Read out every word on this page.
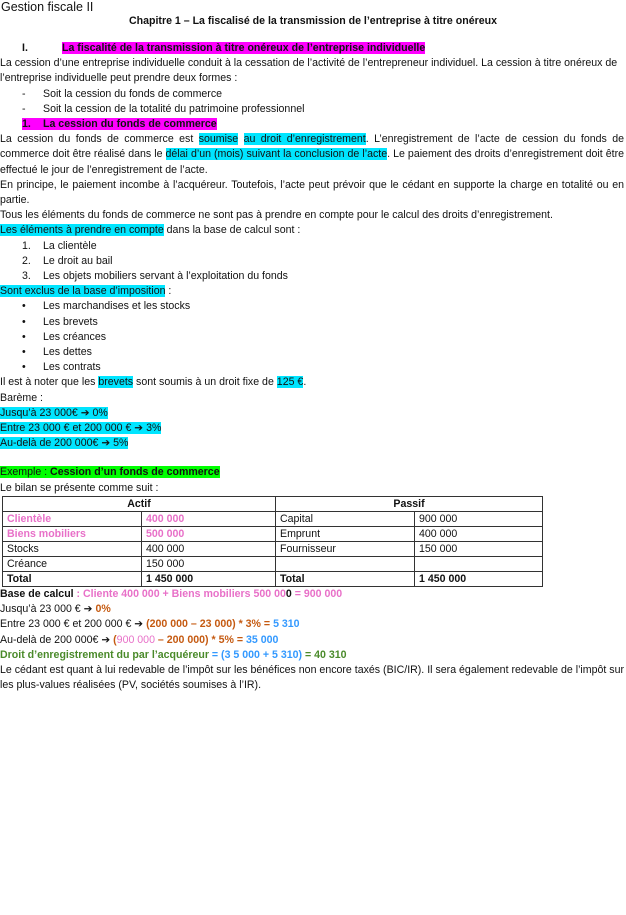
Gestion fiscale II
Chapitre 1 – La fiscalisé de la transmission de l’entreprise à titre onéreux

I.	La fiscalité de la transmission à titre onéreux de l’entreprise individuelle

La cession d’une entreprise individuelle conduit à la cessation de l’activité de l’entrepreneur individuel. La cession à titre onéreux de l’entreprise individuelle peut prendre deux formes :

- Soit la cession du fonds de commerce
- Soit la cession de la totalité du patrimoine professionnel

1. La cession du fonds de commerce

La cession du fonds de commerce est soumise au droit d’enregistrement. L’enregistrement de l’acte de cession du fonds de commerce doit être réalisé dans le délai d’un (mois) suivant la conclusion de l’acte. Le paiement des droits d’enregistrement doit être effectué le jour de l’enregistrement de l’acte.

En principe, le paiement incombe à l’acquéreur. Toutefois, l’acte peut prévoir que le cédant en supporte la charge en totalité ou en partie.

Tous les éléments du fonds de commerce ne sont pas à prendre en compte pour le calcul des droits d’enregistrement.

Les éléments à prendre en compte dans la base de calcul sont :

1. La clientèle
2. Le droit au bail
3. Les objets mobiliers servant à l’exploitation du fonds

Sont exclus de la base d’imposition :

• Les marchandises et les stocks
• Les brevets
• Les créances
• Les dettes
• Les contrats

Il est à noter que les brevets sont soumis à un droit fixe de 125 €.

Barème :

Jusqu’à 23 000€ ➔ 0%

Entre 23 000 € et 200 000 € ➔ 3%

Au-delà de 200 000€ ➔ 5%

Exemple : Cession d’un fonds de commerce

Le bilan se présente comme suit :

Actif		Passif	
Clientèle	400 000	Capital	900 000
Biens mobiliers	500 000	Emprunt	400 000
Stocks	400 000	Fournisseur	150 000
Créance	150 000		
Total	1 450 000	Total	1 450 000

Base de calcul : Cliente 400 000 + Biens mobiliers 500 000 = 900 000

Jusqu’à 23 000 € ➔ 0%

Entre 23 000 € et 200 000 € ➔ (200 000 – 23 000) * 3% = 5 310

Au-delà de 200 000€ ➔ (900 000 – 200 000) * 5% = 35 000

Droit d’enregistrement du par l’acquéreur = (3 5 000 + 5 310) = 40 310

Le cédant est quant à lui redevable de l’impôt sur les bénéfices non encore taxés (BIC/IR). Il sera également redevable de l’impôt sur les plus-values réalisées (PV, sociétés soumises à l’IR).
